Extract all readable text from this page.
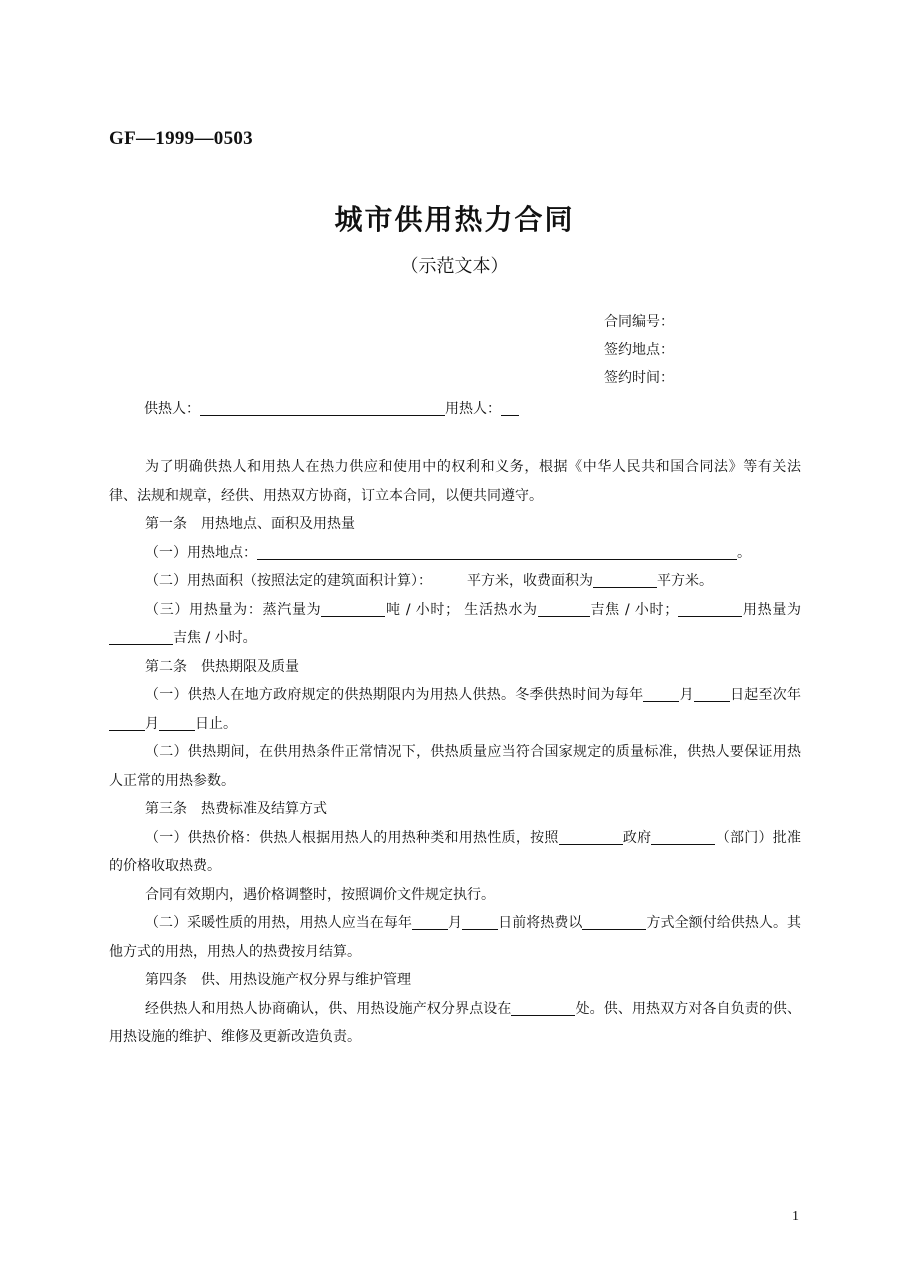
GF—1999—0503
城市供用热力合同
（示范文本）
合同编号：
签约地点：
签约时间：
供热人：	用热人：

为了明确供热人和用热人在热力供应和使用中的权利和义务，根据《中华人民共和国合同法》等有关法律、法规和规章，经供、用热双方协商，订立本合同，以便共同遵守。

第一条　用热地点、面积及用热量

（一）用热地点：	。

（二）用热面积（按照法定的建筑面积计算）：　　　平方米，收费面积为	平方米。

（三）用热量为：蒸汽量为	吨 / 小时； 生活热水为	吉焦 / 小时；	用热量为吉焦 / 小时。

第二条　供热期限及质量

（一）供热人在地方政府规定的供热期限内为用热人供热。冬季供热时间为每年	月	日起至次年月	日止。

（二）供热期间，在供用热条件正常情况下，供热质量应当符合国家规定的质量标准，供热人要保证用热人正常的用热参数。

第三条　热费标准及结算方式

（一）供热价格：供热人根据用热人的用热种类和用热性质，按照	政府	（部门）批准的价格收取热费。

合同有效期内，遇价格调整时，按照调价文件规定执行。

（二）采暖性质的用热，用热人应当在每年	月	日前将热费以	方式全额付给供热人。其他方式的用热，用热人的热费按月结算。

第四条　供、用热设施产权分界与维护管理

经供热人和用热人协商确认，供、用热设施产权分界点设在	处。供、用热双方对各自负责的供、用热设施的维护、维修及更新改造负责。

1
